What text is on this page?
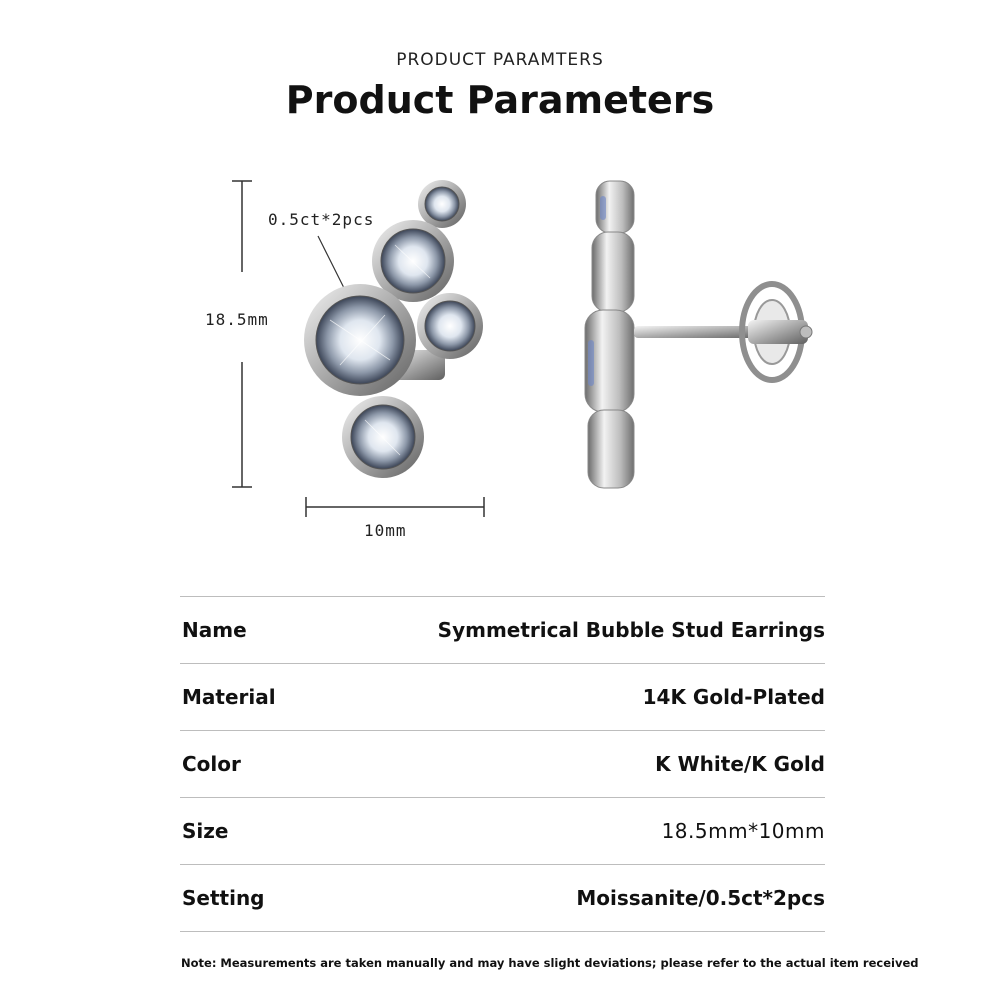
PRODUCT PARAMTERS
Product Parameters
0.5ct*2pcs
18.5mm
10mm
Name	Symmetrical Bubble Stud Earrings
Material	14K Gold-Plated
Color	K White/K Gold
Size	18.5mm*10mm
Setting	Moissanite/0.5ct*2pcs
Note: Measurements are taken manually and may have slight deviations; please refer to the actual item received
